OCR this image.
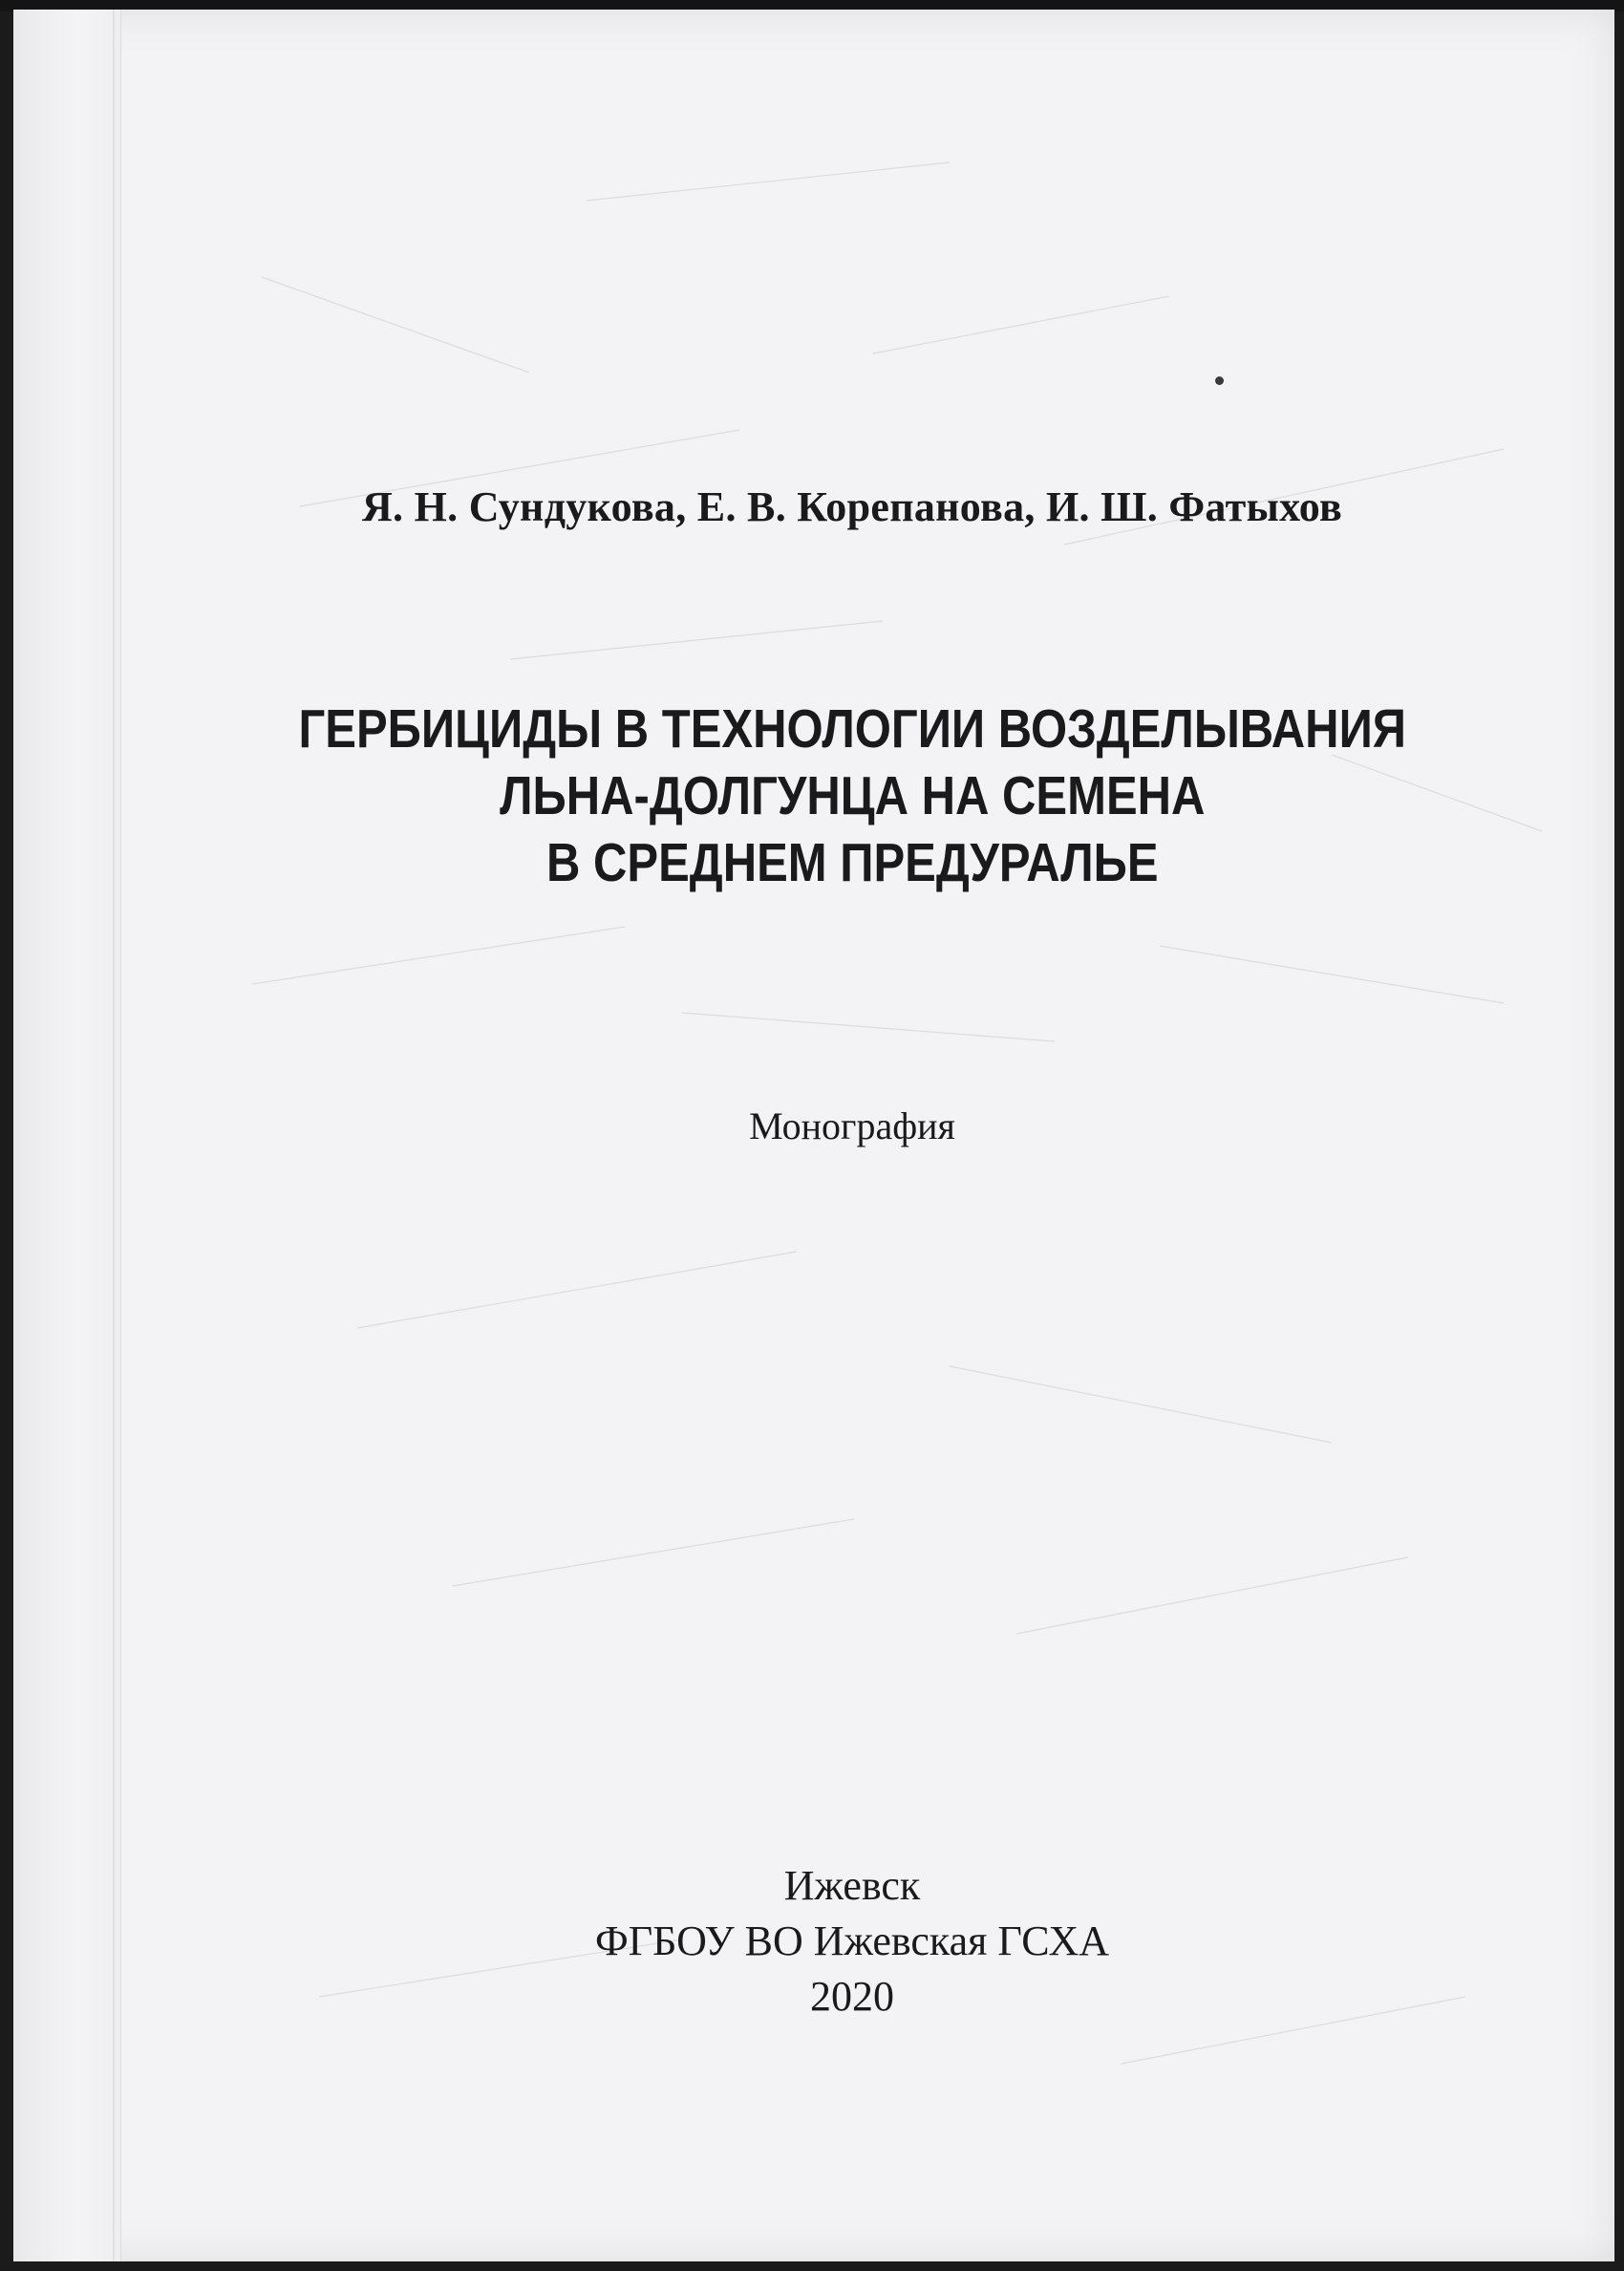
Я. Н. Сундукова, Е. В. Корепанова, И. Ш. Фатыхов
ГЕРБИЦИДЫ В ТЕХНОЛОГИИ ВОЗДЕЛЫВАНИЯ
ЛЬНА-ДОЛГУНЦА НА СЕМЕНА
В СРЕДНЕМ ПРЕДУРАЛЬЕ
Монография
Ижевск
ФГБОУ ВО Ижевская ГСХА
2020
